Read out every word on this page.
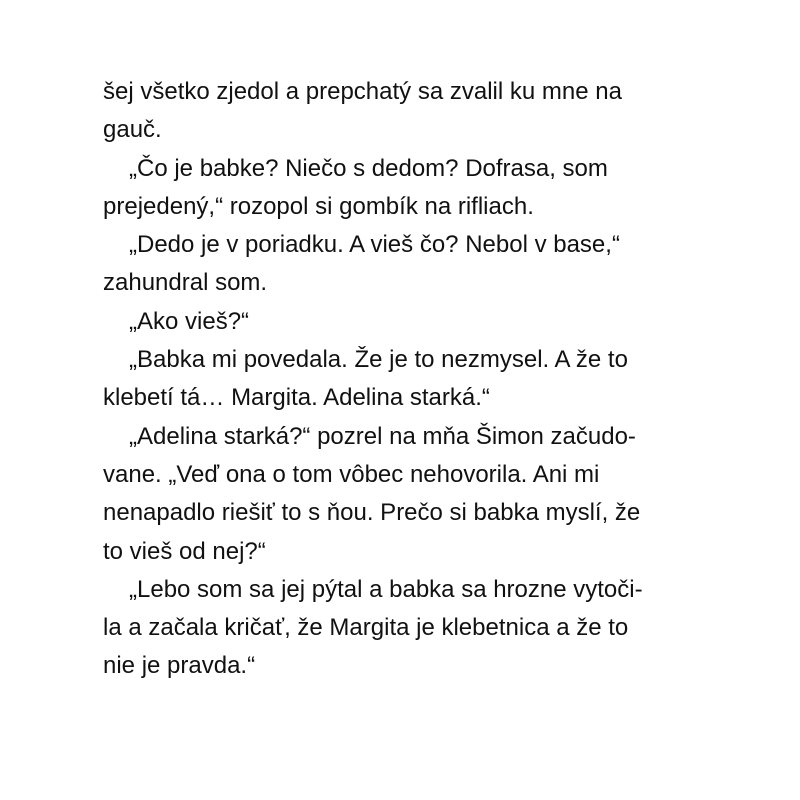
šej všetko zjedol a prepchatý sa zvalil ku mne na
gauč.
„Čo je babke? Niečo s dedom? Dofrasa, som
prejedený,“ rozopol si gombík na rifliach.
„Dedo je v poriadku. A vieš čo? Nebol v base,“
zahundral som.
„Ako vieš?“
„Babka mi povedala. Že je to nezmysel. A že to
klebetí tá… Margita. Adelina starká.“
„Adelina starká?“ pozrel na mňa Šimon začudo-
vane. „Veď ona o tom vôbec nehovorila. Ani mi
nenapadlo riešiť to s ňou. Prečo si babka myslí, že
to vieš od nej?“
„Lebo som sa jej pýtal a babka sa hrozne vytoči-
la a začala kričať, že Margita je klebetnica a že to
nie je pravda.“
